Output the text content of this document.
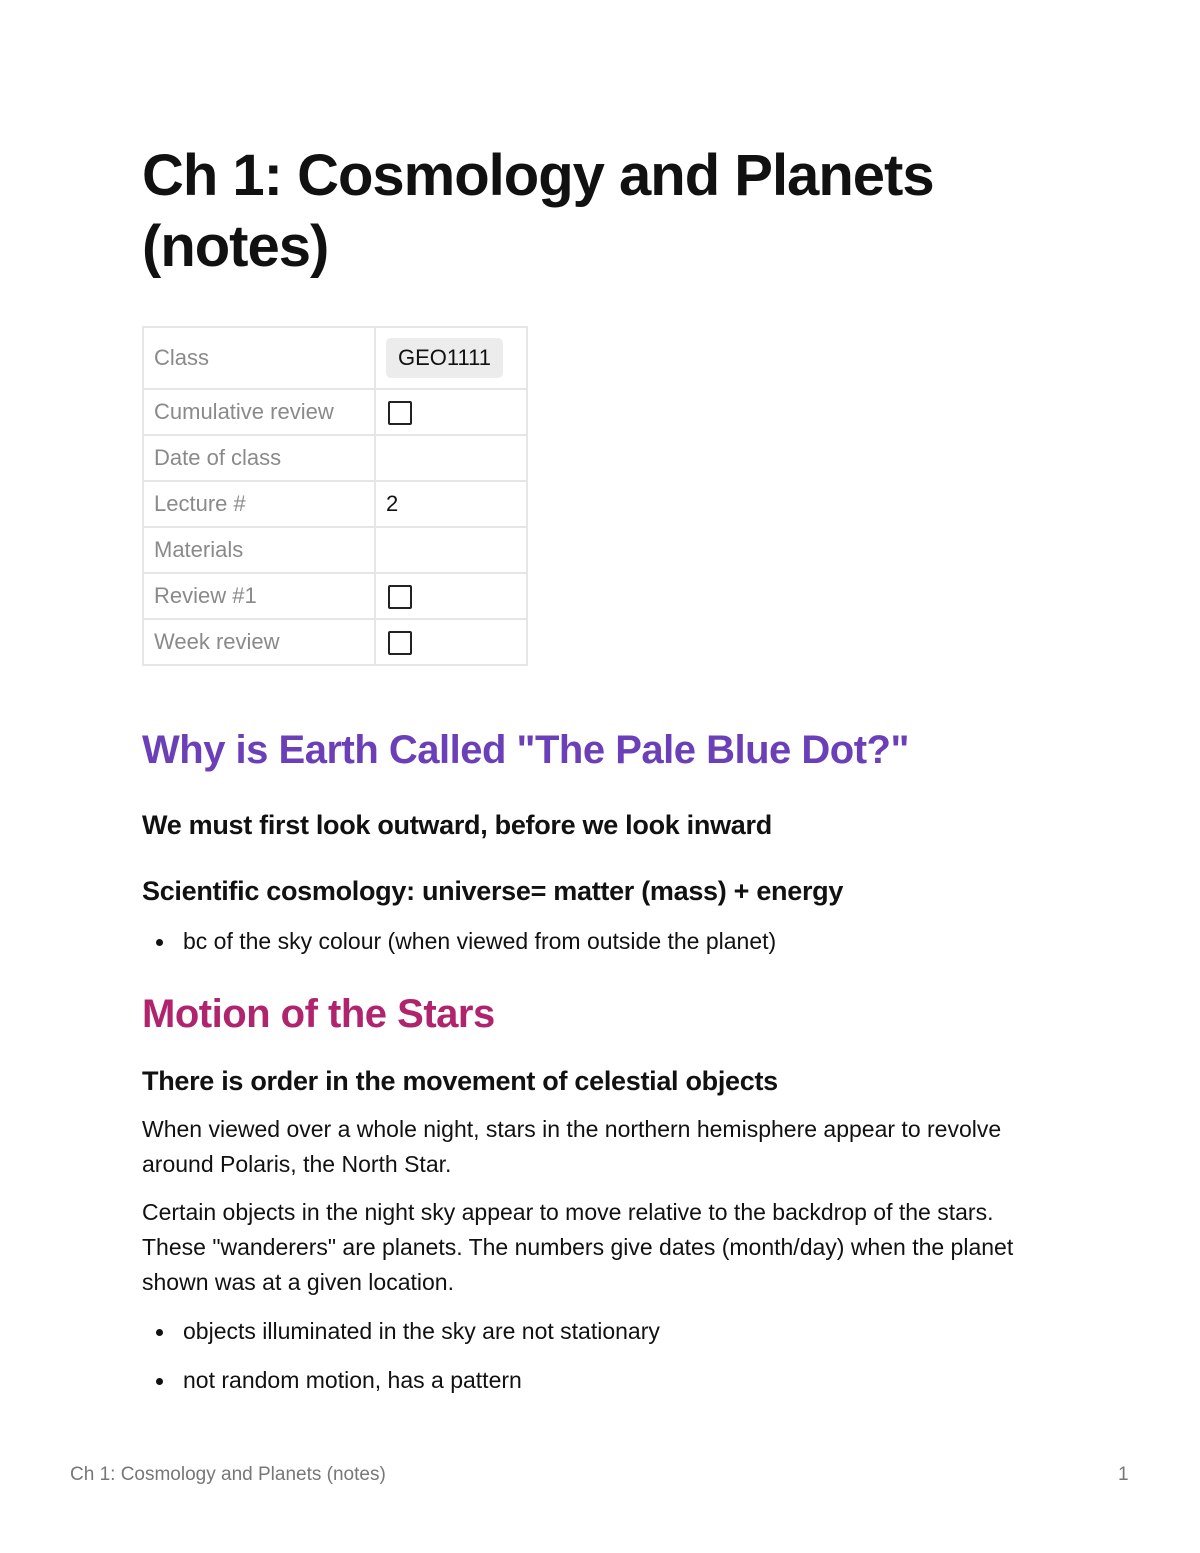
Ch 1: Cosmology and Planets (notes)
Class	GEO1111
Cumulative review	
Date of class	
Lecture #	2
Materials	
Review #1	
Week review	
Why is Earth Called "The Pale Blue Dot?"
We must first look outward, before we look inward
Scientific cosmology: universe= matter (mass) + energy

bc of the sky colour (when viewed from outside the planet)

Motion of the Stars
There is order in the movement of celestial objects

When viewed over a whole night, stars in the northern hemisphere appear to revolve around Polaris, the North Star.

Certain objects in the night sky appear to move relative to the backdrop of the stars. These "wanderers" are planets. The numbers give dates (month/day) when the planet shown was at a given location.

objects illuminated in the sky are not stationary

not random motion, has a pattern

Ch 1: Cosmology and Planets (notes)	1
